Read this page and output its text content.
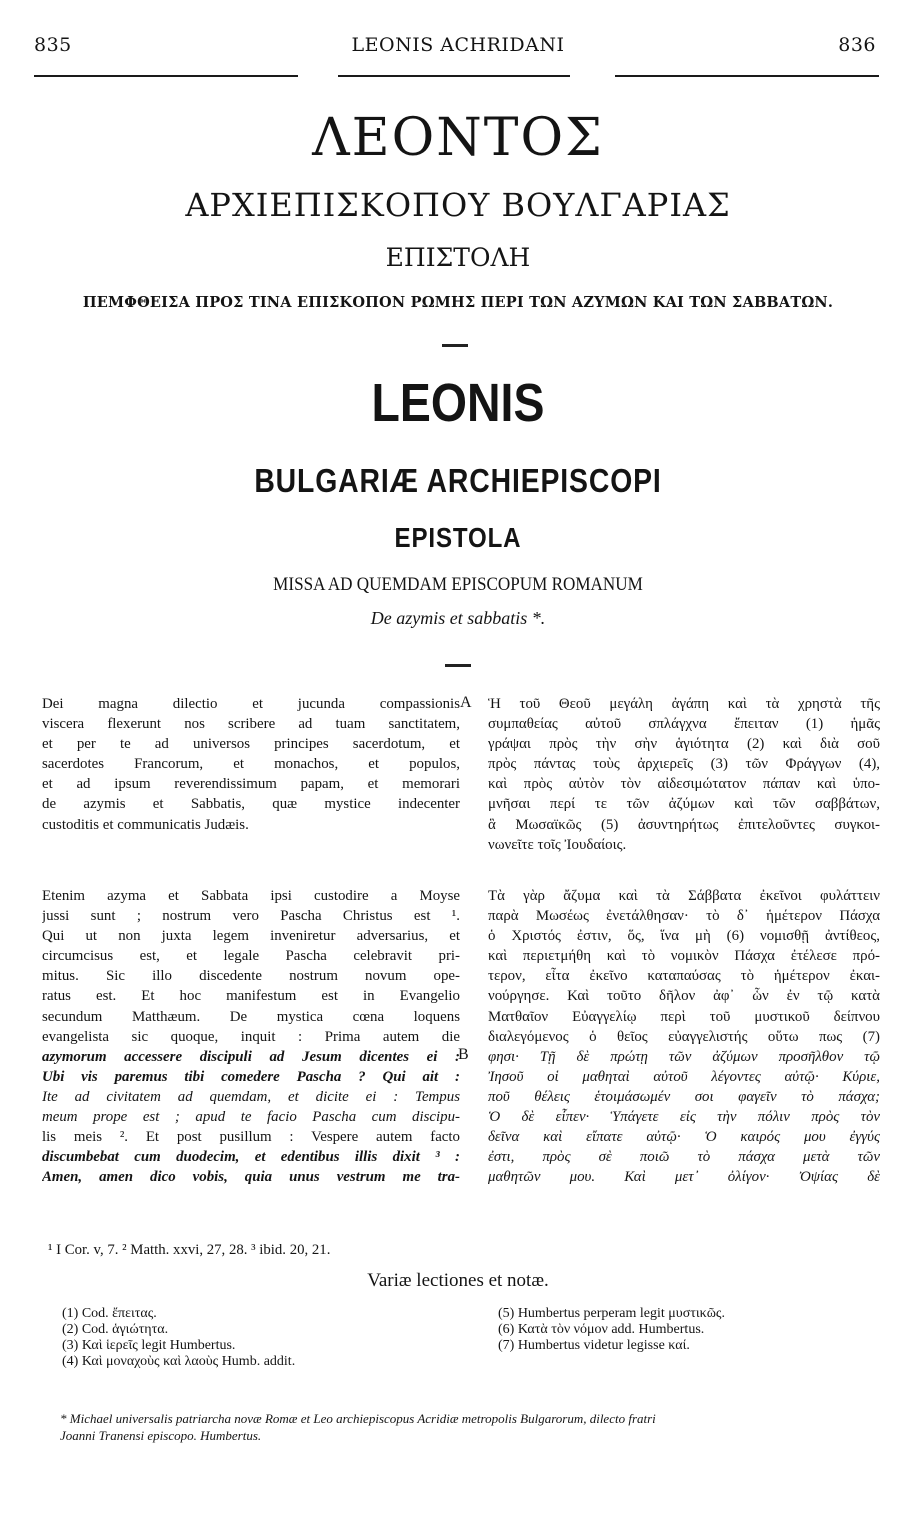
835	LEONIS ACHRIDANI	836
ΛΕΟΝΤΟΣ
ΑΡΧΙΕΠΙΣΚΟΠΟΥ ΒΟΥΛΓΑΡΙΑΣ
ΕΠΙΣΤΟΛΗ
ΠΕΜΦΘΕΙΣΑ ΠΡΟΣ ΤΙΝΑ ΕΠΙΣΚΟΠΟΝ ΡΩΜΗΣ ΠΕΡΙ ΤΩΝ ΑΖΥΜΩΝ ΚΑΙ ΤΩΝ ΣΑΒΒΑΤΩΝ.
LEONIS
BULGARIÆ ARCHIEPISCOPI
EPISTOLA
MISSA AD QUEMDAM EPISCOPUM ROMANUM
De azymis et sabbatis *.
A
B
Dei magna dilectio et jucunda compassionis
viscera flexerunt nos scribere ad tuam sanctitatem,
et per te ad universos principes sacerdotum, et
sacerdotes Francorum, et monachos, et populos,
et ad ipsum reverendissimum papam, et memorari
de azymis et Sabbatis, quæ mystice indecenter
custoditis et communicatis Judæis.
Etenim azyma et Sabbata ipsi custodire a Moyse
jussi sunt ; nostrum vero Pascha Christus est ¹.
Qui ut non juxta legem inveniretur adversarius, et
circumcisus est, et legale Pascha celebravit pri-
mitus. Sic illo discedente nostrum novum ope-
ratus est. Et hoc manifestum est in Evangelio
secundum Matthæum. De mystica cœna loquens
evangelista sic quoque, inquit : Prima autem die
azymorum accessere discipuli ad Jesum dicentes ei :
Ubi vis paremus tibi comedere Pascha ? Qui ait :
Ite ad civitatem ad quemdam, et dicite ei : Tempus
meum prope est ; apud te facio Pascha cum discipu-
lis meis ². Et post pusillum : Vespere autem facto
discumbebat cum duodecim, et edentibus illis dixit ³ :
Amen, amen dico vobis, quia unus vestrum me tra-
Ἡ τοῦ Θεοῦ μεγάλη ἀγάπη καὶ τὰ χρηστὰ τῆς
συμπαθείας αὐτοῦ σπλάγχνα ἔπειταν (1) ἡμᾶς
γράψαι πρὸς τὴν σὴν ἁγιότητα (2) καὶ διὰ σοῦ
πρὸς πάντας τοὺς ἀρχιερεῖς (3) τῶν Φράγγων (4),
καὶ πρὸς αὐτὸν τὸν αἰδεσιμώτατον πάπαν καὶ ὑπο-
μνῆσαι περί τε τῶν ἀζύμων καὶ τῶν σαββάτων,
ἃ Μωσαϊκῶς (5) ἀσυντηρήτως ἐπιτελοῦντες συγκοι-
νωνεῖτε τοῖς Ἰουδαίοις.
Τὰ γὰρ ἄζυμα καὶ τὰ Σάββατα ἐκεῖνοι φυλάττειν
παρὰ Μωσέως ἐνετάλθησαν· τὸ δ᾽ ἡμέτερον Πάσχα
ὁ Χριστός ἐστιν, ὅς, ἵνα μὴ (6) νομισθῇ ἀντίθεος,
καὶ περιετμήθη καὶ τὸ νομικὸν Πάσχα ἐτέλεσε πρό-
τερον, εἶτα ἐκεῖνο καταπαύσας τὸ ἡμέτερον ἐκαι-
νούργησε. Καὶ τοῦτο δῆλον ἀφ᾽ ὧν ἐν τῷ κατὰ
Ματθαῖον Εὐαγγελίῳ περὶ τοῦ μυστικοῦ δείπνου
διαλεγόμενος ὁ θεῖος εὐαγγελιστής οὕτω πως (7)
φησι· Τῇ δὲ πρώτῃ τῶν ἀζύμων προσῆλθον τῷ
Ἰησοῦ οἱ μαθηταὶ αὐτοῦ λέγοντες αὐτῷ· Κύριε,
ποῦ θέλεις ἑτοιμάσωμέν σοι φαγεῖν τὸ πάσχα;
Ὁ δὲ εἶπεν· Ὑπάγετε εἰς τὴν πόλιν πρὸς τὸν
δεῖνα καὶ εἴπατε αὐτῷ· Ὁ καιρός μου ἐγγύς
ἐστι, πρὸς σὲ ποιῶ τὸ πάσχα μετὰ τῶν
μαθητῶν μου. Καὶ μετ᾽ ὀλίγον· Ὀψίας δὲ
¹ I Cor. v, 7. ² Matth. xxvi, 27, 28. ³ ibid. 20, 21.
Variæ lectiones et notæ.
(1) Cod. ἔπειτας.
(2) Cod. ἁγιώτητα.
(3) Καὶ ἱερεῖς legit Humbertus.
(4) Καὶ μοναχοὺς καὶ λαοὺς Humb. addit.
(5) Humbertus perperam legit μυστικῶς.
(6) Κατὰ τὸν νόμον add. Humbertus.
(7) Humbertus videtur legisse καί.
* Michael universalis patriarcha novæ Romæ et Leo archiepiscopus Acridiæ metropolis Bulgarorum, dilecto fratri
Joanni Tranensi episcopo. Humbertus.
